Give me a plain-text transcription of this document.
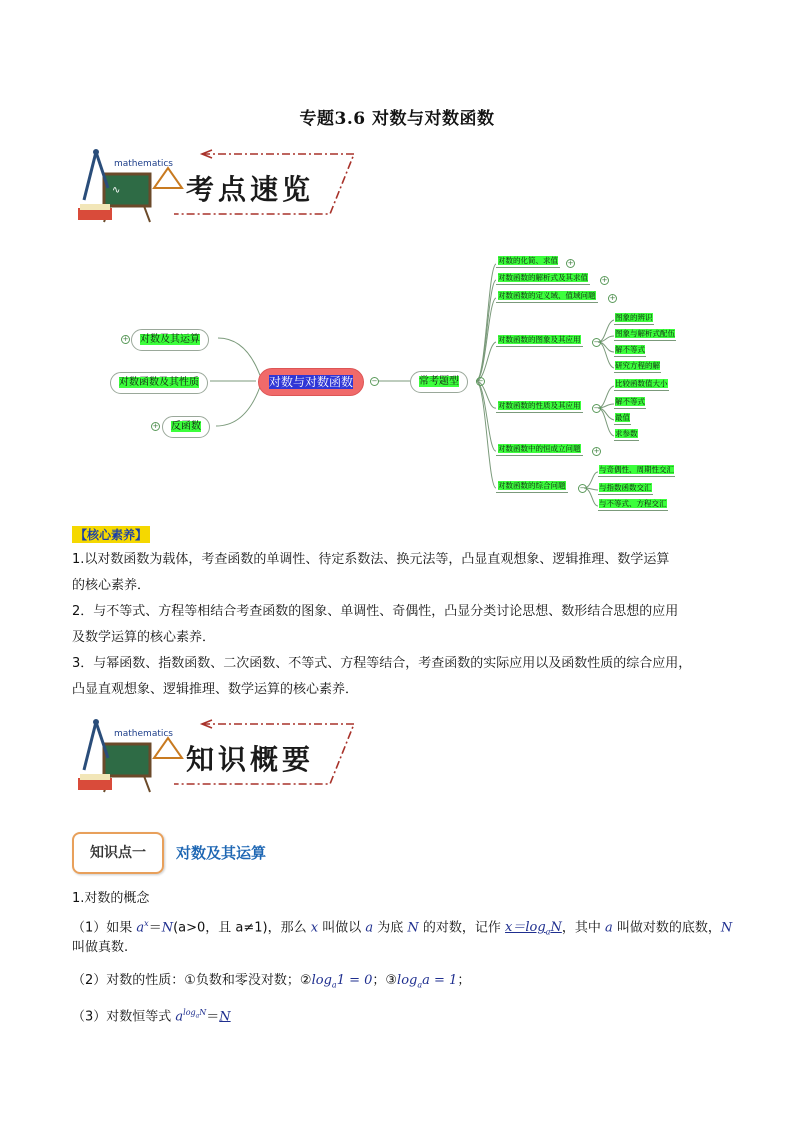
专题3.6 对数与对数函数
mathematics
∿ 考点速览
对数及其运算
+
对数函数及其性质
反函数
+
对数与对数函数	−	常考题型	−
对数的化简、求值 +
对数函数的解析式及其求值 +
对数函数的定义域、值域问题 +
对数函数的图象及其应用 −
对数函数的性质及其应用 −
对数函数中的恒成立问题 +
对数函数的综合问题 −
图象的辨识
图象与解析式配伍
解不等式
研究方程的解
比较函数值大小
解不等式
最值
求参数
与奇偶性、周期性交汇
与指数函数交汇
与不等式、方程交汇
【核心素养】
1.以对数函数为载体，考查函数的单调性、待定系数法、换元法等，凸显直观想象、逻辑推理、数学运算
的核心素养．
2．与不等式、方程等相结合考查函数的图象、单调性、奇偶性，凸显分类讨论思想、数形结合思想的应用
及数学运算的核心素养．
3．与幂函数、指数函数、二次函数、不等式、方程等结合，考查函数的实际应用以及函数性质的综合应用，
凸显直观想象、逻辑推理、数学运算的核心素养．
mathematics
知识概要
知识点一	对数及其运算
1.对数的概念
（1）如果 $a^x=N(a>0$，且 a≠1)，那么 x 叫做以 a 为底 N 的对数，记作 $x=\log_aN$，其中 a 叫做对数的底数，N
叫做真数.
（2）对数的性质：①负数和零没对数；$②\log_a1 = 0$；$③\log_aa = 1$；
（3）对数恒等式 $a^{log_aN}=N$
